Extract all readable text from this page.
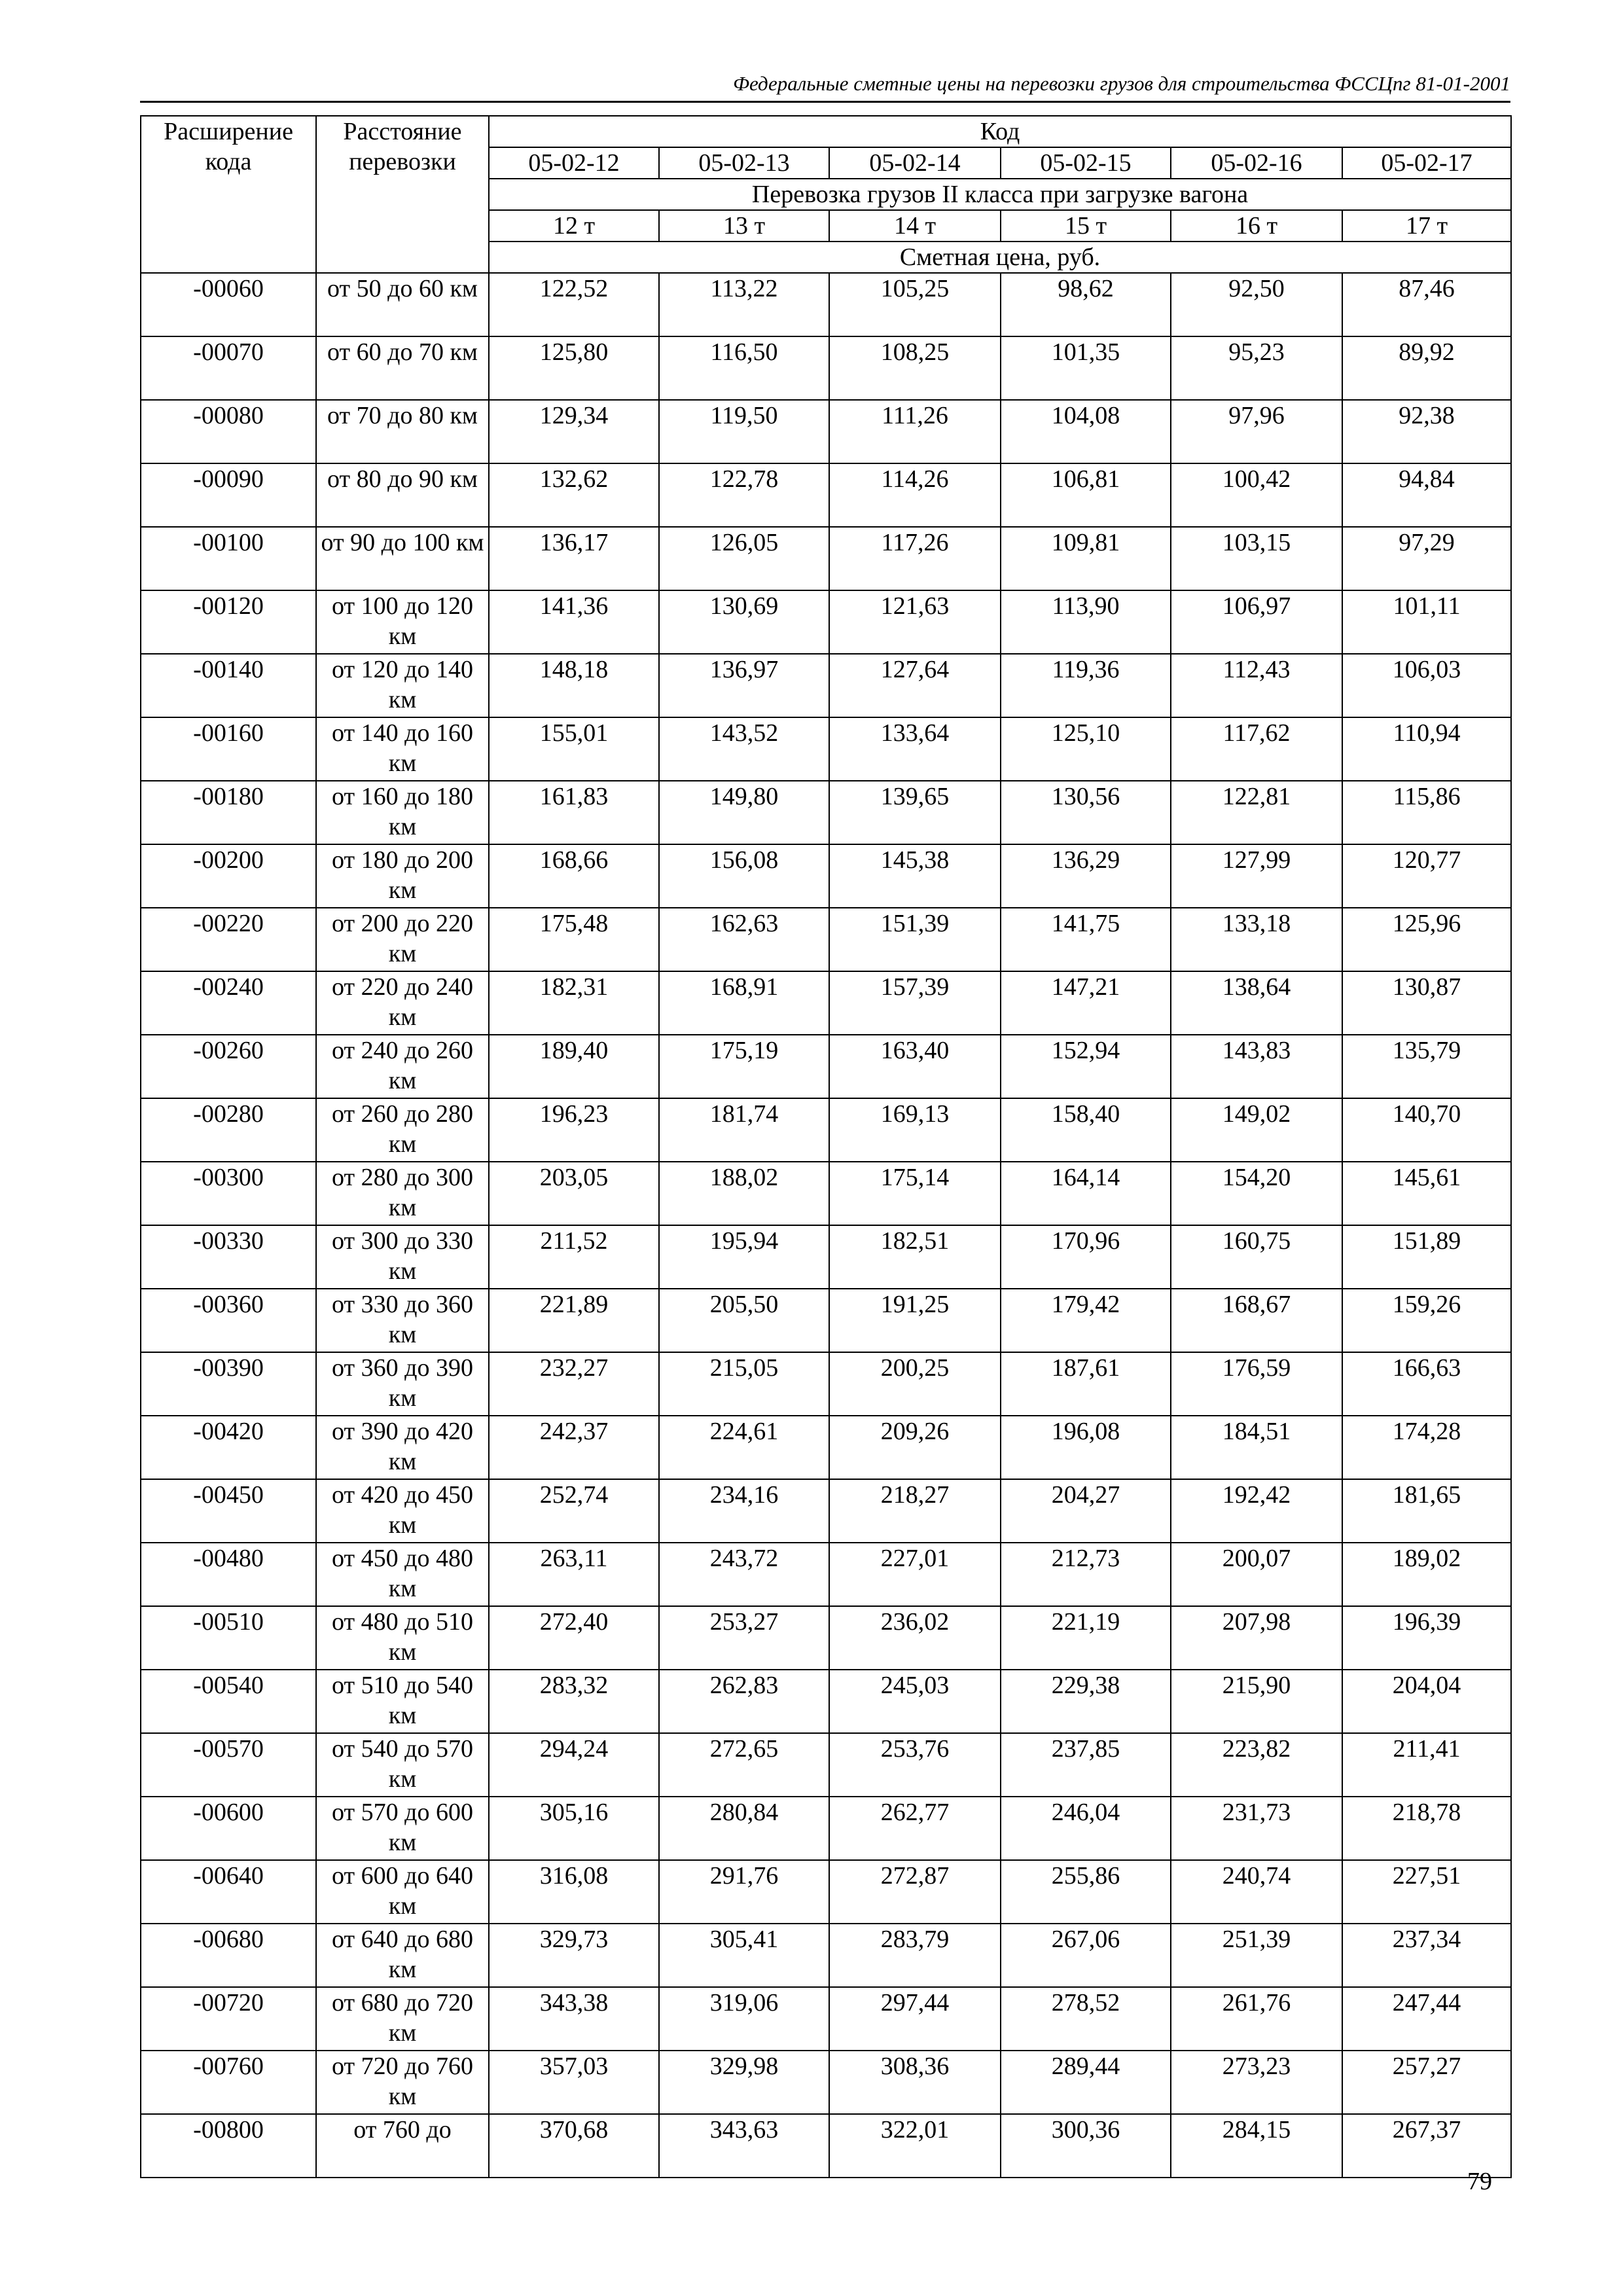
Федеральные сметные цены на перевозки грузов для строительства ФССЦпг 81-01-2001
Расширение кода	Расстояние перевозки	Код					
		05-02-12	05-02-13	05-02-14	05-02-15	05-02-16	05-02-17
		Перевозка грузов II класса при загрузке вагона					
		12 т	13 т	14 т	15 т	16 т	17 т
		Сметная цена, руб.					
-00060	от 50 до 60 км	122,52	113,22	105,25	98,62	92,50	87,46
-00070	от 60 до 70 км	125,80	116,50	108,25	101,35	95,23	89,92
-00080	от 70 до 80 км	129,34	119,50	111,26	104,08	97,96	92,38
-00090	от 80 до 90 км	132,62	122,78	114,26	106,81	100,42	94,84
-00100	от 90 до 100 км	136,17	126,05	117,26	109,81	103,15	97,29
-00120	от 100 до 120 км	141,36	130,69	121,63	113,90	106,97	101,11
-00140	от 120 до 140 км	148,18	136,97	127,64	119,36	112,43	106,03
-00160	от 140 до 160 км	155,01	143,52	133,64	125,10	117,62	110,94
-00180	от 160 до 180 км	161,83	149,80	139,65	130,56	122,81	115,86
-00200	от 180 до 200 км	168,66	156,08	145,38	136,29	127,99	120,77
-00220	от 200 до 220 км	175,48	162,63	151,39	141,75	133,18	125,96
-00240	от 220 до 240 км	182,31	168,91	157,39	147,21	138,64	130,87
-00260	от 240 до 260 км	189,40	175,19	163,40	152,94	143,83	135,79
-00280	от 260 до 280 км	196,23	181,74	169,13	158,40	149,02	140,70
-00300	от 280 до 300 км	203,05	188,02	175,14	164,14	154,20	145,61
-00330	от 300 до 330 км	211,52	195,94	182,51	170,96	160,75	151,89
-00360	от 330 до 360 км	221,89	205,50	191,25	179,42	168,67	159,26
-00390	от 360 до 390 км	232,27	215,05	200,25	187,61	176,59	166,63
-00420	от 390 до 420 км	242,37	224,61	209,26	196,08	184,51	174,28
-00450	от 420 до 450 км	252,74	234,16	218,27	204,27	192,42	181,65
-00480	от 450 до 480 км	263,11	243,72	227,01	212,73	200,07	189,02
-00510	от 480 до 510 км	272,40	253,27	236,02	221,19	207,98	196,39
-00540	от 510 до 540 км	283,32	262,83	245,03	229,38	215,90	204,04
-00570	от 540 до 570 км	294,24	272,65	253,76	237,85	223,82	211,41
-00600	от 570 до 600 км	305,16	280,84	262,77	246,04	231,73	218,78
-00640	от 600 до 640 км	316,08	291,76	272,87	255,86	240,74	227,51
-00680	от 640 до 680 км	329,73	305,41	283,79	267,06	251,39	237,34
-00720	от 680 до 720 км	343,38	319,06	297,44	278,52	261,76	247,44
-00760	от 720 до 760 км	357,03	329,98	308,36	289,44	273,23	257,27
-00800	от 760 до	370,68	343,63	322,01	300,36	284,15	267,37
79
